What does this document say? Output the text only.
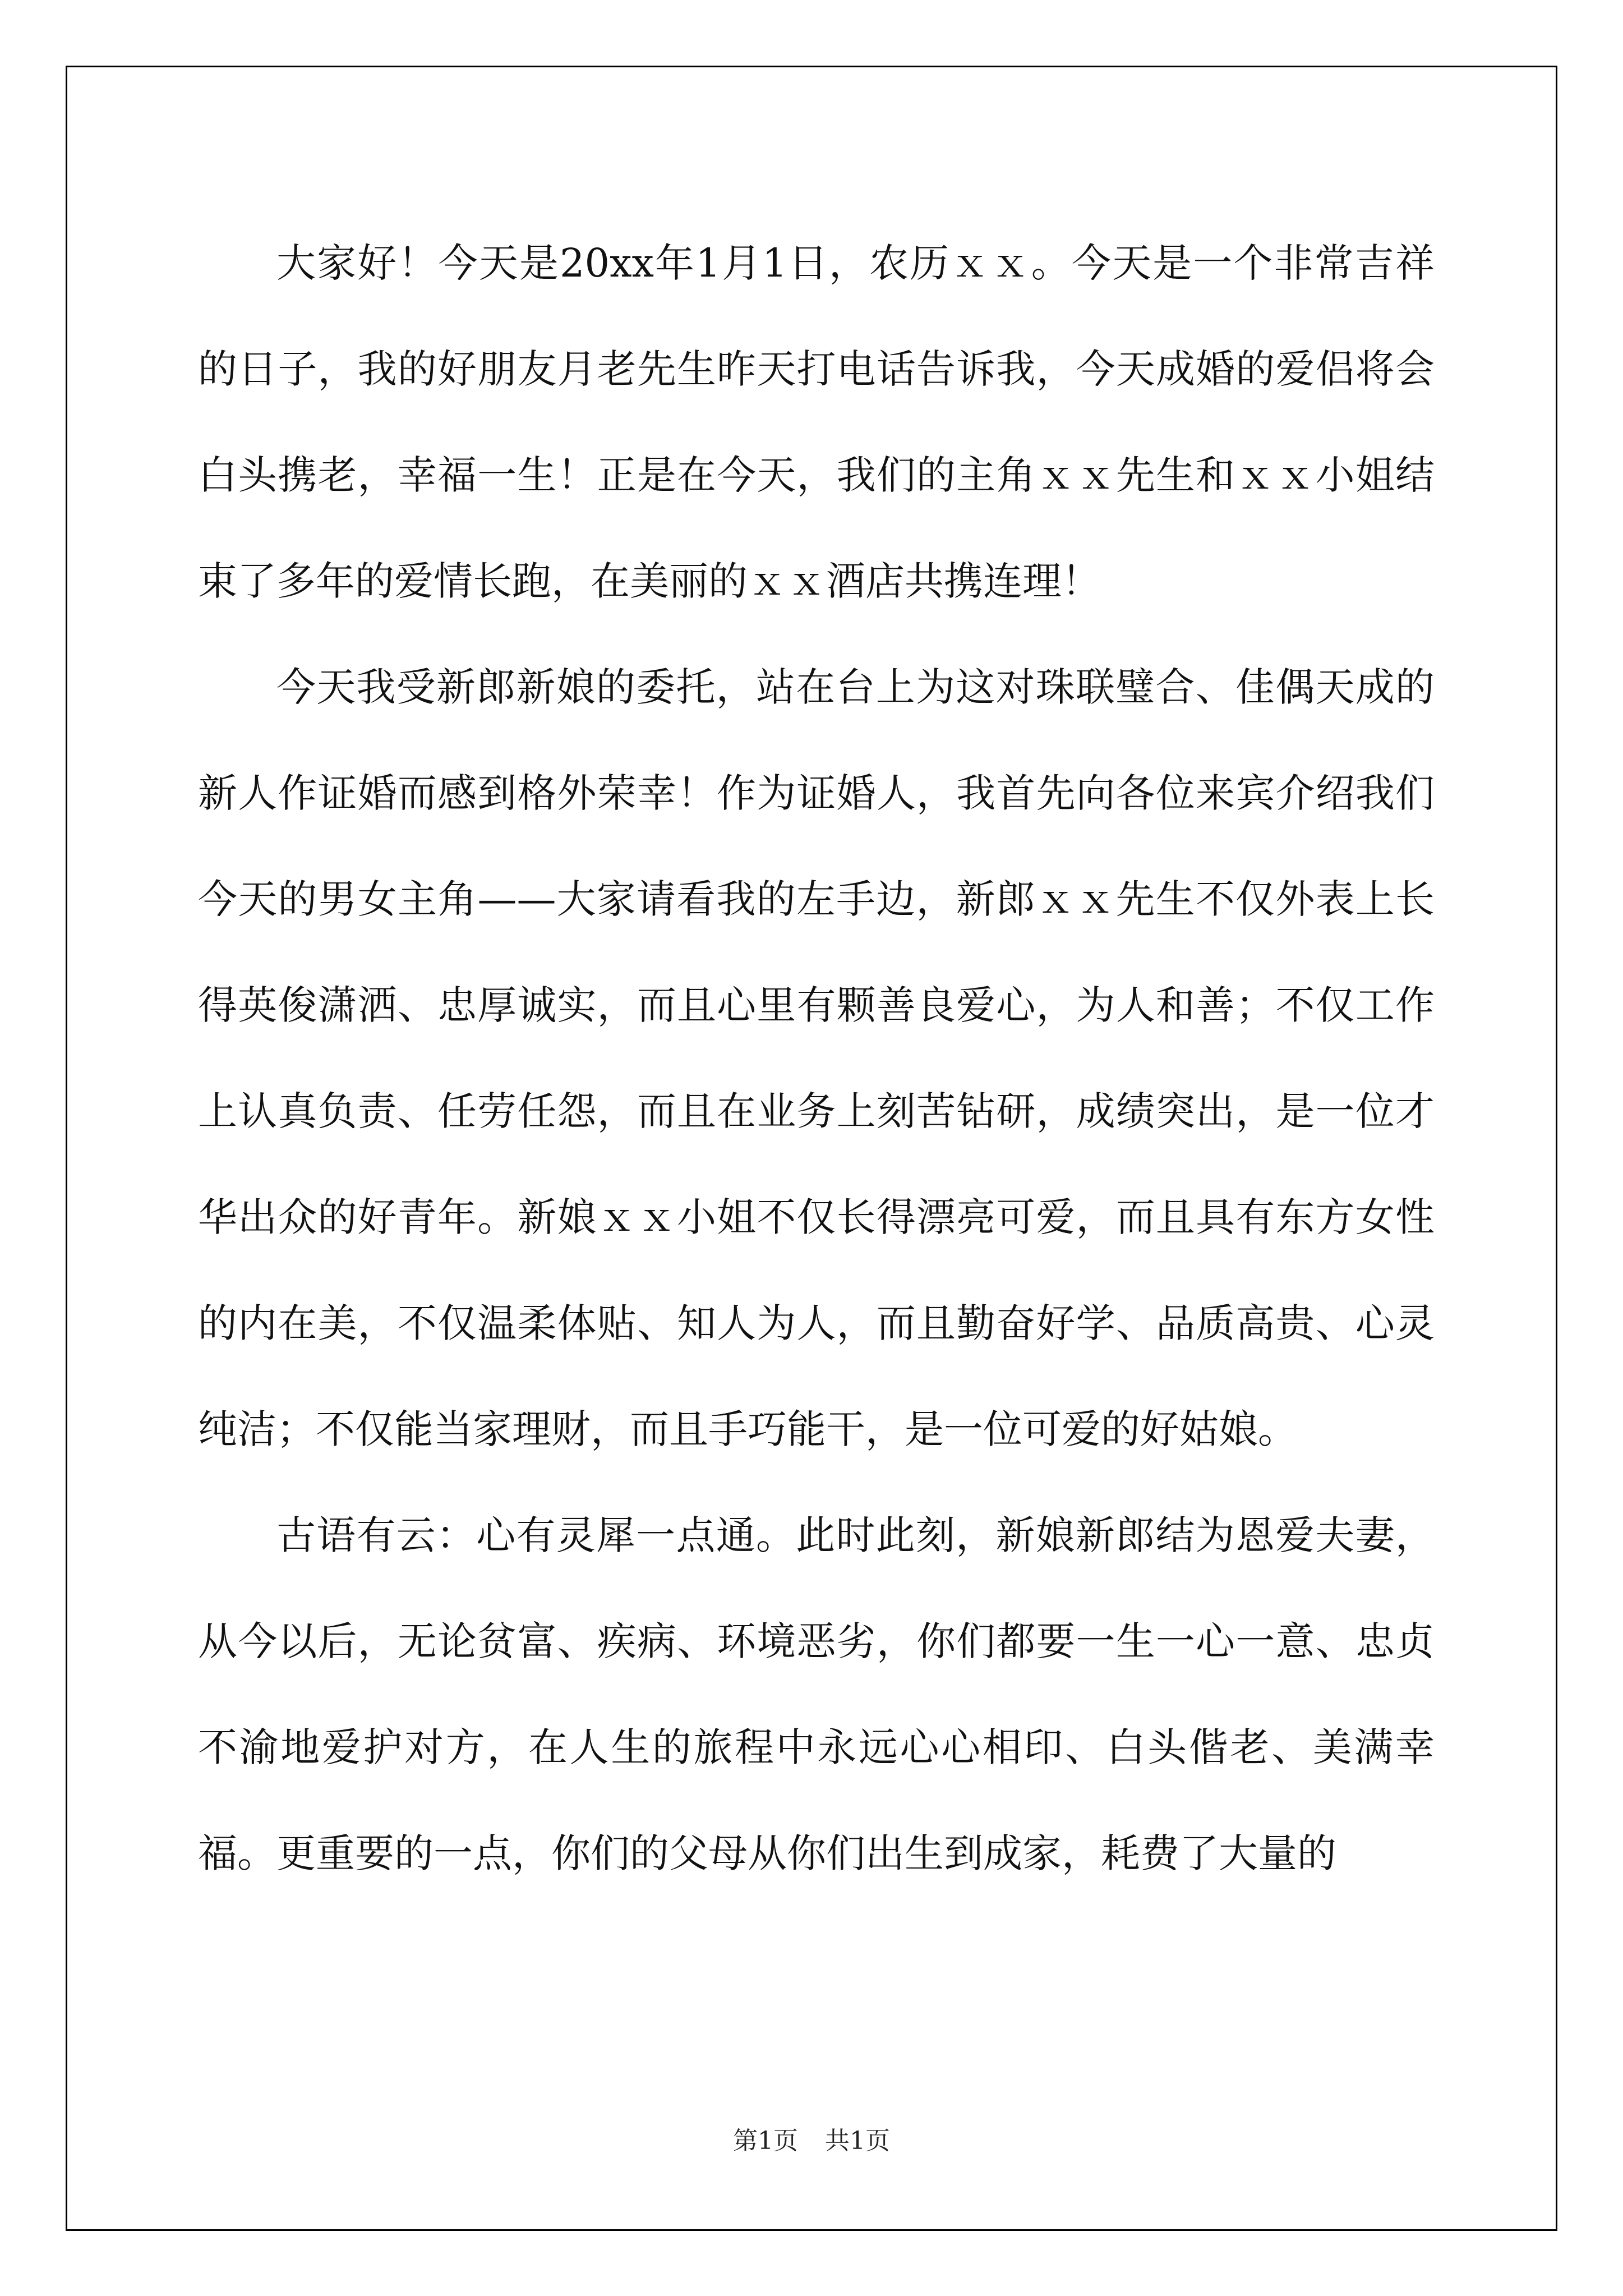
大家好！今天是20xx年1月1日，农历ｘｘ。今天是一个非常吉祥的日子，我的好朋友月老先生昨天打电话告诉我，今天成婚的爱侣将会白头携老，幸福一生！正是在今天，我们的主角ｘｘ先生和ｘｘ小姐结束了多年的爱情长跑，在美丽的ｘｘ酒店共携连理！

今天我受新郎新娘的委托，站在台上为这对珠联璧合、佳偶天成的新人作证婚而感到格外荣幸！作为证婚人，我首先向各位来宾介绍我们今天的男女主角——大家请看我的左手边，新郎ｘｘ先生不仅外表上长得英俊潇洒、忠厚诚实，而且心里有颗善良爱心，为人和善；不仅工作上认真负责、任劳任怨，而且在业务上刻苦钻研，成绩突出，是一位才华出众的好青年。新娘ｘｘ小姐不仅长得漂亮可爱，而且具有东方女性的内在美，不仅温柔体贴、知人为人，而且勤奋好学、品质高贵、心灵纯洁；不仅能当家理财，而且手巧能干，是一位可爱的好姑娘。

古语有云：心有灵犀一点通。此时此刻，新娘新郎结为恩爱夫妻，从今以后，无论贫富、疾病、环境恶劣，你们都要一生一心一意、忠贞不渝地爱护对方，在人生的旅程中永远心心相印、白头偕老、美满幸福。更重要的一点，你们的父母从你们出生到成家，耗费了大量的

第1页 共1页
